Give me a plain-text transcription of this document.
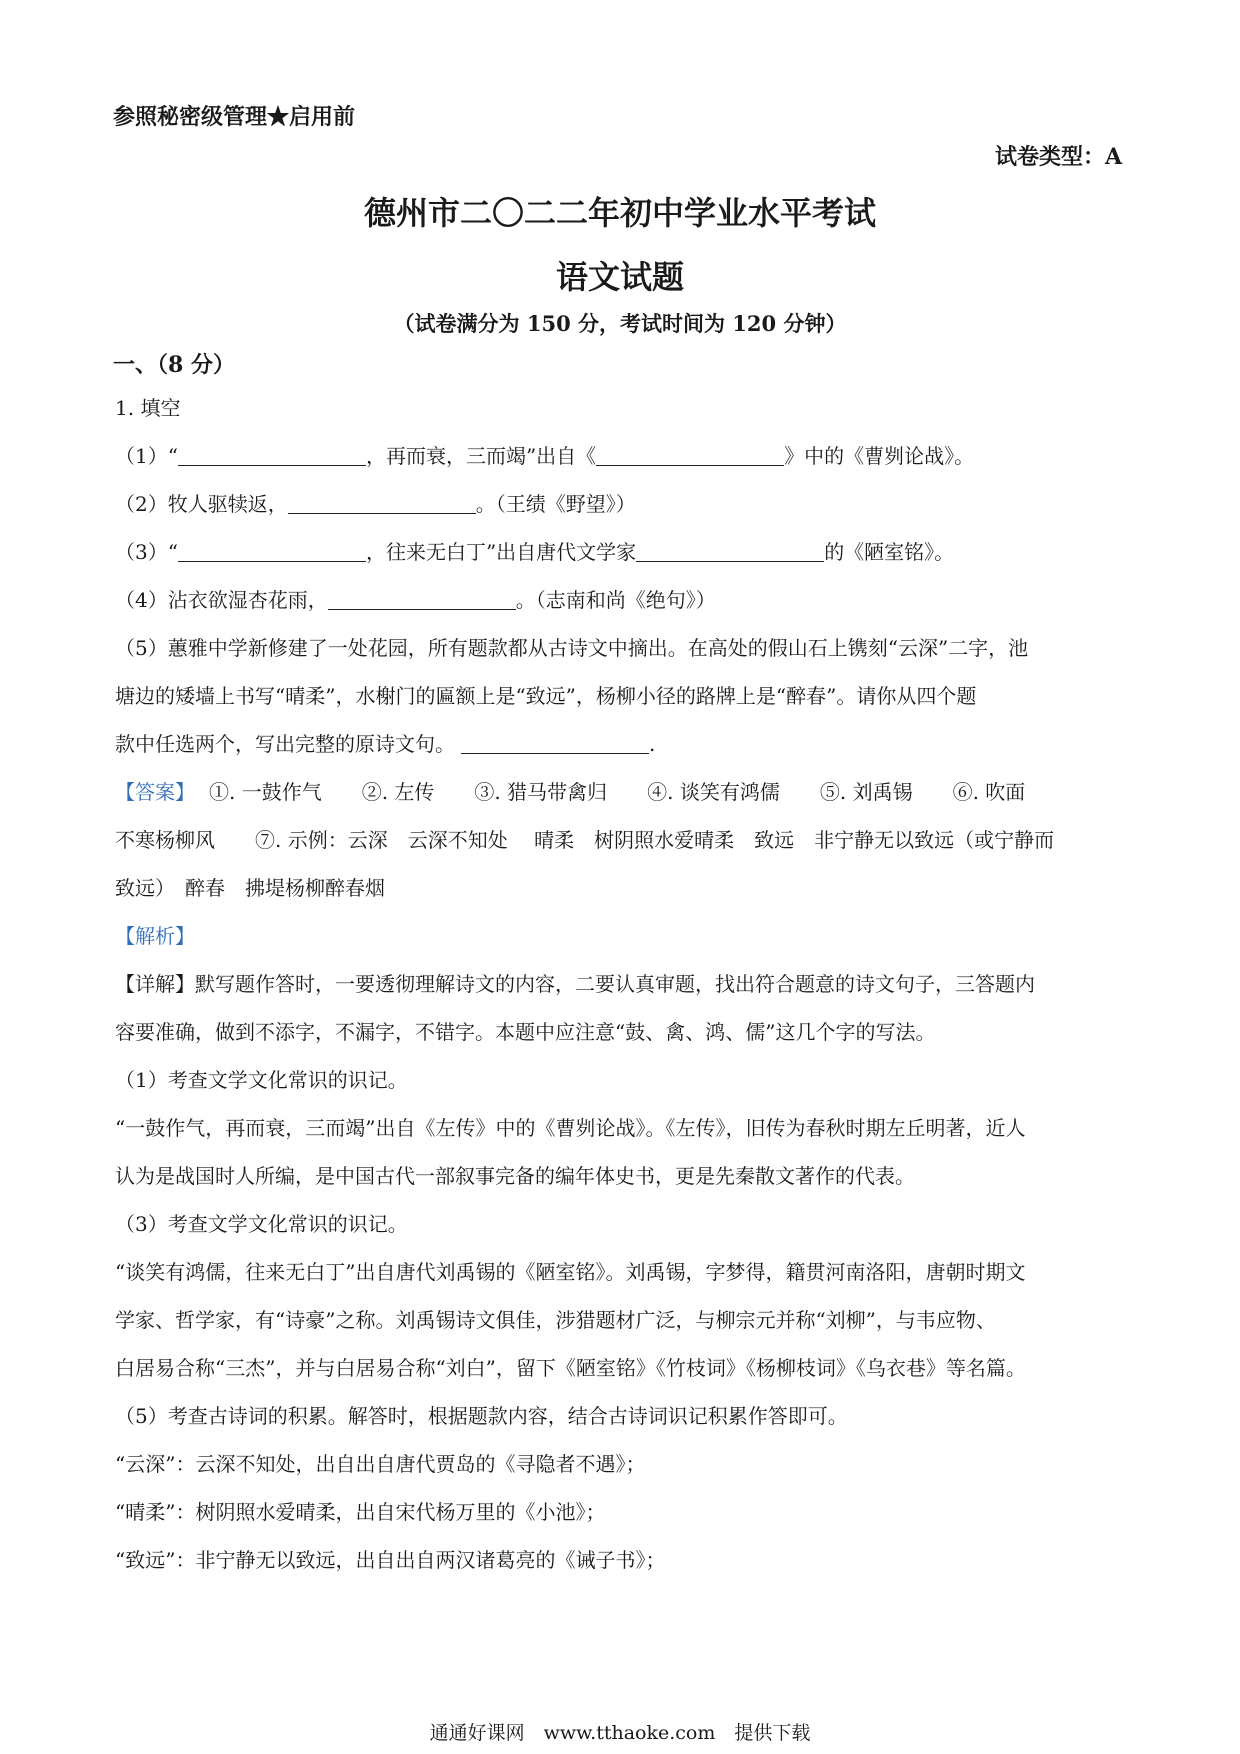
参照秘密级管理★启用前
试卷类型：A
德州市二〇二二年初中学业水平考试
语文试题
（试卷满分为 150 分，考试时间为 120 分钟）
一、（8 分）
1. 填空
（1）“	，再而衰，三而竭”出自《	》中的《曹刿论战》。
（2）牧人驱犊返，	。（王绩《野望》）
（3）“	，往来无白丁”出自唐代文学家	的《陋室铭》。
（4）沾衣欲湿杏花雨，	。（志南和尚《绝句》）
（5）蕙雅中学新修建了一处花园，所有题款都从古诗文中摘出。在高处的假山石上镌刻“云深”二字，池
塘边的矮墙上书写“晴柔”，水榭门的匾额上是“致远”，杨柳小径的路牌上是“醉春”。请你从四个题
款中任选两个，写出完整的原诗文句。	.
【答案】 ①. 一鼓作气　　②. 左传　　③. 猎马带禽归　　④. 谈笑有鸿儒　　⑤. 刘禹锡　　⑥. 吹面
不寒杨柳风　　⑦. 示例：云深　云深不知处　 晴柔　树阴照水爱晴柔　致远　非宁静无以致远（或宁静而
致远）　醉春　拂堤杨柳醉春烟
【解析】
【详解】默写题作答时，一要透彻理解诗文的内容，二要认真审题，找出符合题意的诗文句子，三答题内
容要准确，做到不添字，不漏字，不错字。本题中应注意“鼓、禽、鸿、儒”这几个字的写法。
（1）考查文学文化常识的识记。
“一鼓作气，再而衰，三而竭”出自《左传》中的《曹刿论战》。《左传》，旧传为春秋时期左丘明著，近人
认为是战国时人所编，是中国古代一部叙事完备的编年体史书，更是先秦散文著作的代表。
（3）考查文学文化常识的识记。
“谈笑有鸿儒，往来无白丁”出自唐代刘禹锡的《陋室铭》。刘禹锡，字梦得，籍贯河南洛阳，唐朝时期文
学家、哲学家，有“诗豪”之称。刘禹锡诗文俱佳，涉猎题材广泛，与柳宗元并称“刘柳”，与韦应物、
白居易合称“三杰”，并与白居易合称“刘白”，留下《陋室铭》《竹枝词》《杨柳枝词》《乌衣巷》等名篇。
（5）考查古诗词的积累。解答时，根据题款内容，结合古诗词识记积累作答即可。
“云深”：云深不知处，出自出自唐代贾岛的《寻隐者不遇》；
“晴柔”：树阴照水爱晴柔，出自宋代杨万里的《小池》；
“致远”：非宁静无以致远，出自出自两汉诸葛亮的《诫子书》；
通通好课网　www.tthaoke.com　提供下载
